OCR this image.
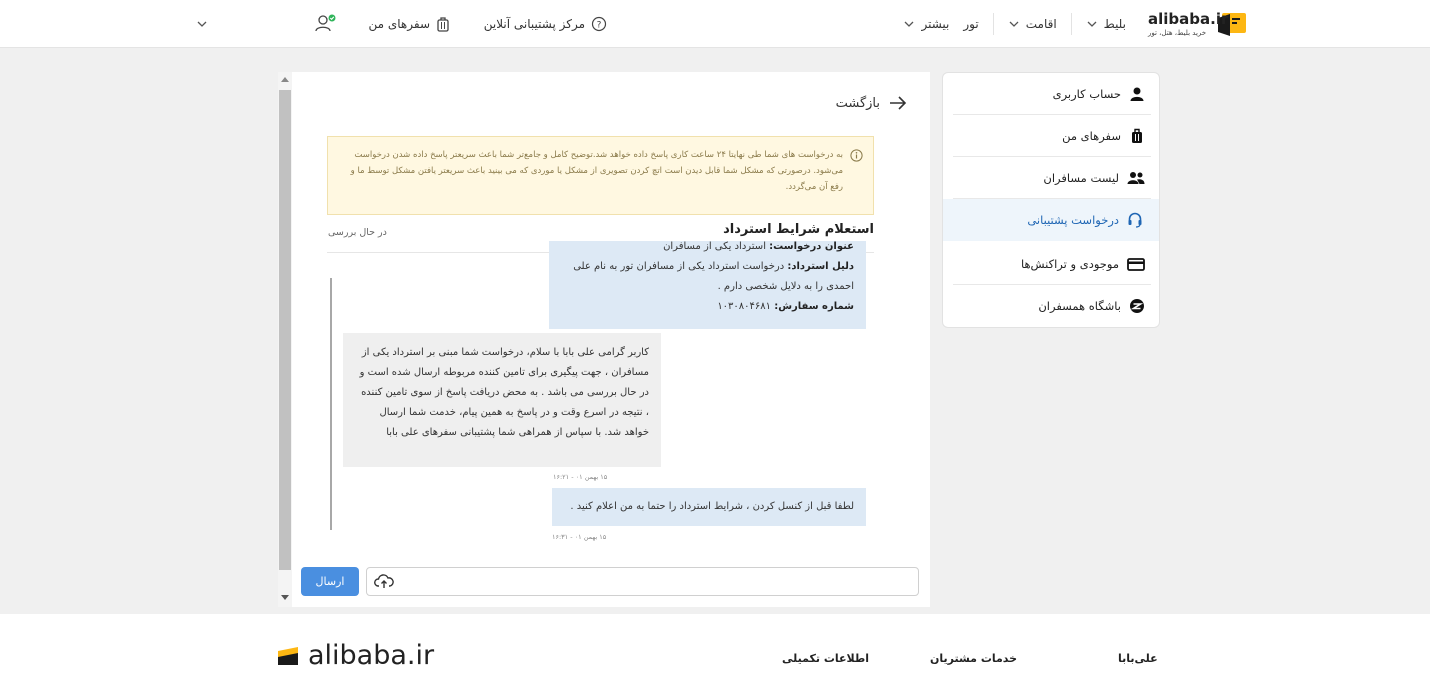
alibaba.ir
خرید بلیط، هتل، تور
بلیط
اقامت
تور
بیشتر
?
مرکز پشتیبانی آنلاین
سفرهای من
حساب کاربری
سفرهای من
لیست مسافران
درخواست پشتیبانی
موجودی و تراکنش‌ها
باشگاه همسفران
بازگشت

به درخواست های شما طی نهایتا ۲۴ ساعت کاری پاسخ داده خواهد شد.توضیح کامل و جامع‌تر شما باعث سریعتر پاسخ داده شدن درخواست می‌شود. درصورتی که مشکل شما قابل دیدن است اتچ کردن تصویری از مشکل یا موردی که می بینید باعث سریعتر یافتن مشکل توسط ما و رفع آن می‌گردد.

استعلام شرایط استرداد
در حال بررسی
عنوان درخواست: استرداد یکی از مسافران
دلیل استرداد: درخواست استرداد یکی از مسافران تور به نام علی احمدی را به دلایل شخصی دارم .
شماره سفارش: ۱۰۳۰۸۰۴۶۸۱
کاربر گرامی علی بابا با سلام، درخواست شما مبنی بر استرداد یکی از مسافران ، جهت پیگیری برای تامین کننده مربوطه ارسال شده است و در حال بررسی می باشد . به محض دریافت پاسخ از سوی تامین کننده ، نتیجه در اسرع وقت و در پاسخ به همین پیام، خدمت شما ارسال خواهد شد. با سپاس از همراهی شما پشتیبانی سفرهای علی بابا
۱۵ بهمن ۰۱ - ۱۶:۲۱
لطفا قبل از کنسل کردن ، شرایط استرداد را حتما به من اعلام کنید .
۱۵ بهمن ۰۱ - ۱۶:۳۱
ارسال
alibaba.ir	اطلاعات تکمیلی	خدمات مشتریان	علی‌بابا
